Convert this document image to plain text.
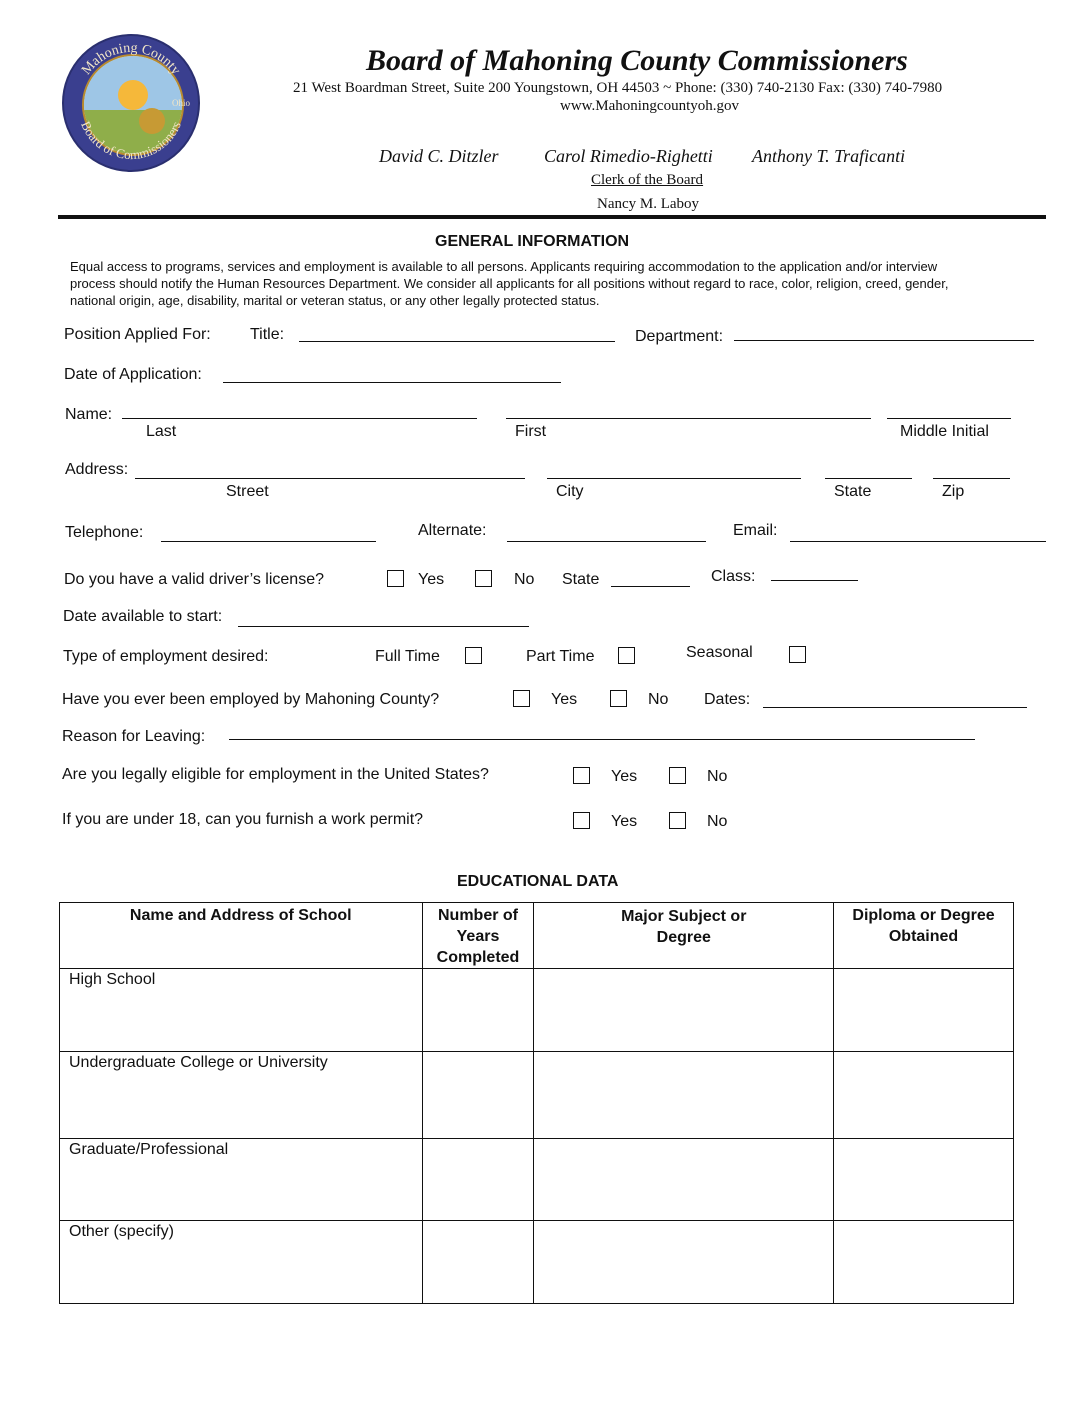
Mahoning County
Board of Commissioners
Ohio
Board of Mahoning County Commissioners
21 West Boardman Street, Suite 200 Youngstown, OH 44503 ~ Phone: (330) 740-2130 Fax: (330) 740-7980
www.Mahoningcountyoh.gov
David C. Ditzler	Carol Rimedio-Righetti Anthony T. Traficanti
Clerk of the Board
Nancy M. Laboy
GENERAL INFORMATION
Equal access to programs, services and employment is available to all persons. Applicants requiring accommodation to the application and/or interview
process should notify the Human Resources Department. We consider all applicants for all positions without regard to race, color, religion, creed, gender,
national origin, age, disability, marital or veteran status, or any other legally protected status.
Position Applied For: Title:	Department:
Date of Application:
Name:
Last	First	Middle Initial
Address:
Street	City	State	Zip
Telephone:	Alternate:	Email:
Do you have a valid driver’s license?	Yes	No State	Class:
Date available to start:
Type of employment desired:	Full Time	Part Time	Seasonal
Have you ever been employed by Mahoning County?	Yes	No Dates:
Reason for Leaving:
Are you legally eligible for employment in the United States?	Yes	No
If you are under 18, can you furnish a work permit?	Yes	No
EDUCATIONAL DATA
Name and Address of School	Number of Years Completed	Major Subject or Degree	Diploma or Degree Obtained
High School			
Undergraduate College or University			
Graduate/Professional			
Other (specify)			
